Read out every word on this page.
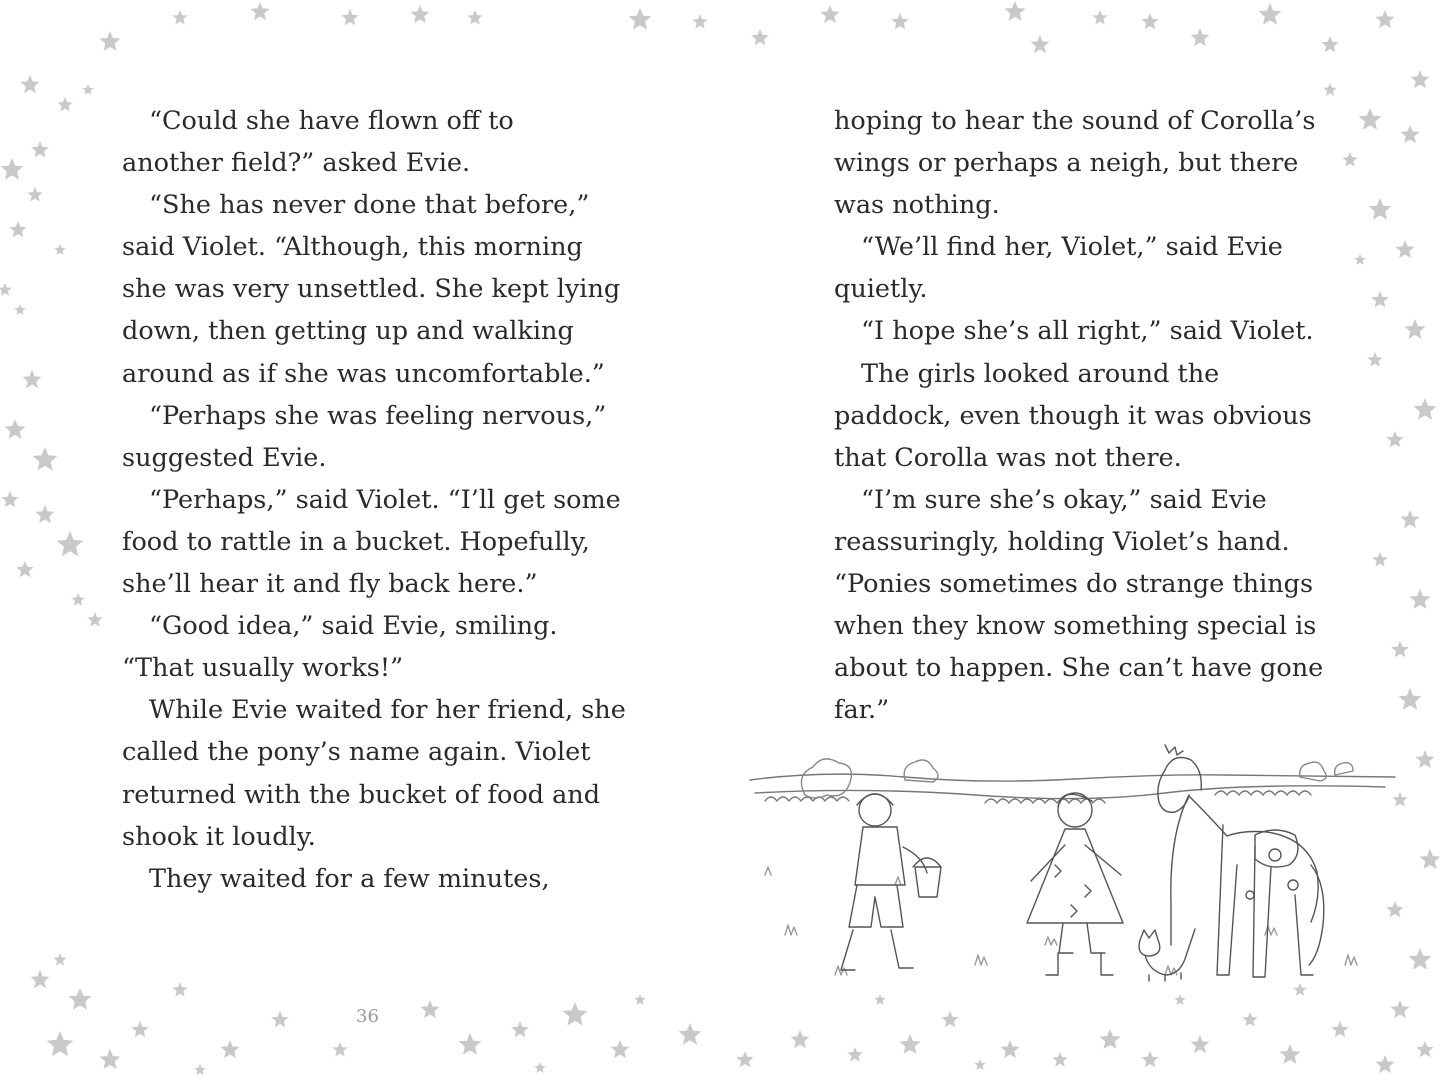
“Could she have flown off to
another field?” asked Evie.
“She has never done that before,”
said Violet. “Although, this morning
she was very unsettled. She kept lying
down, then getting up and walking
around as if she was uncomfortable.”
“Perhaps she was feeling nervous,”
suggested Evie.
“Perhaps,” said Violet. “I’ll get some
food to rattle in a bucket. Hopefully,
she’ll hear it and fly back here.”
“Good idea,” said Evie, smiling.
“That usually works!”
While Evie waited for her friend, she
called the pony’s name again. Violet
returned with the bucket of food and
shook it loudly.
They waited for a few minutes,
hoping to hear the sound of Corolla’s
wings or perhaps a neigh, but there
was nothing.
“We’ll find her, Violet,” said Evie
quietly.
“I hope she’s all right,” said Violet.
The girls looked around the
paddock, even though it was obvious
that Corolla was not there.
“I’m sure she’s okay,” said Evie
reassuringly, holding Violet’s hand.
“Ponies sometimes do strange things
when they know something special is
about to happen. She can’t have gone
far.”
36
